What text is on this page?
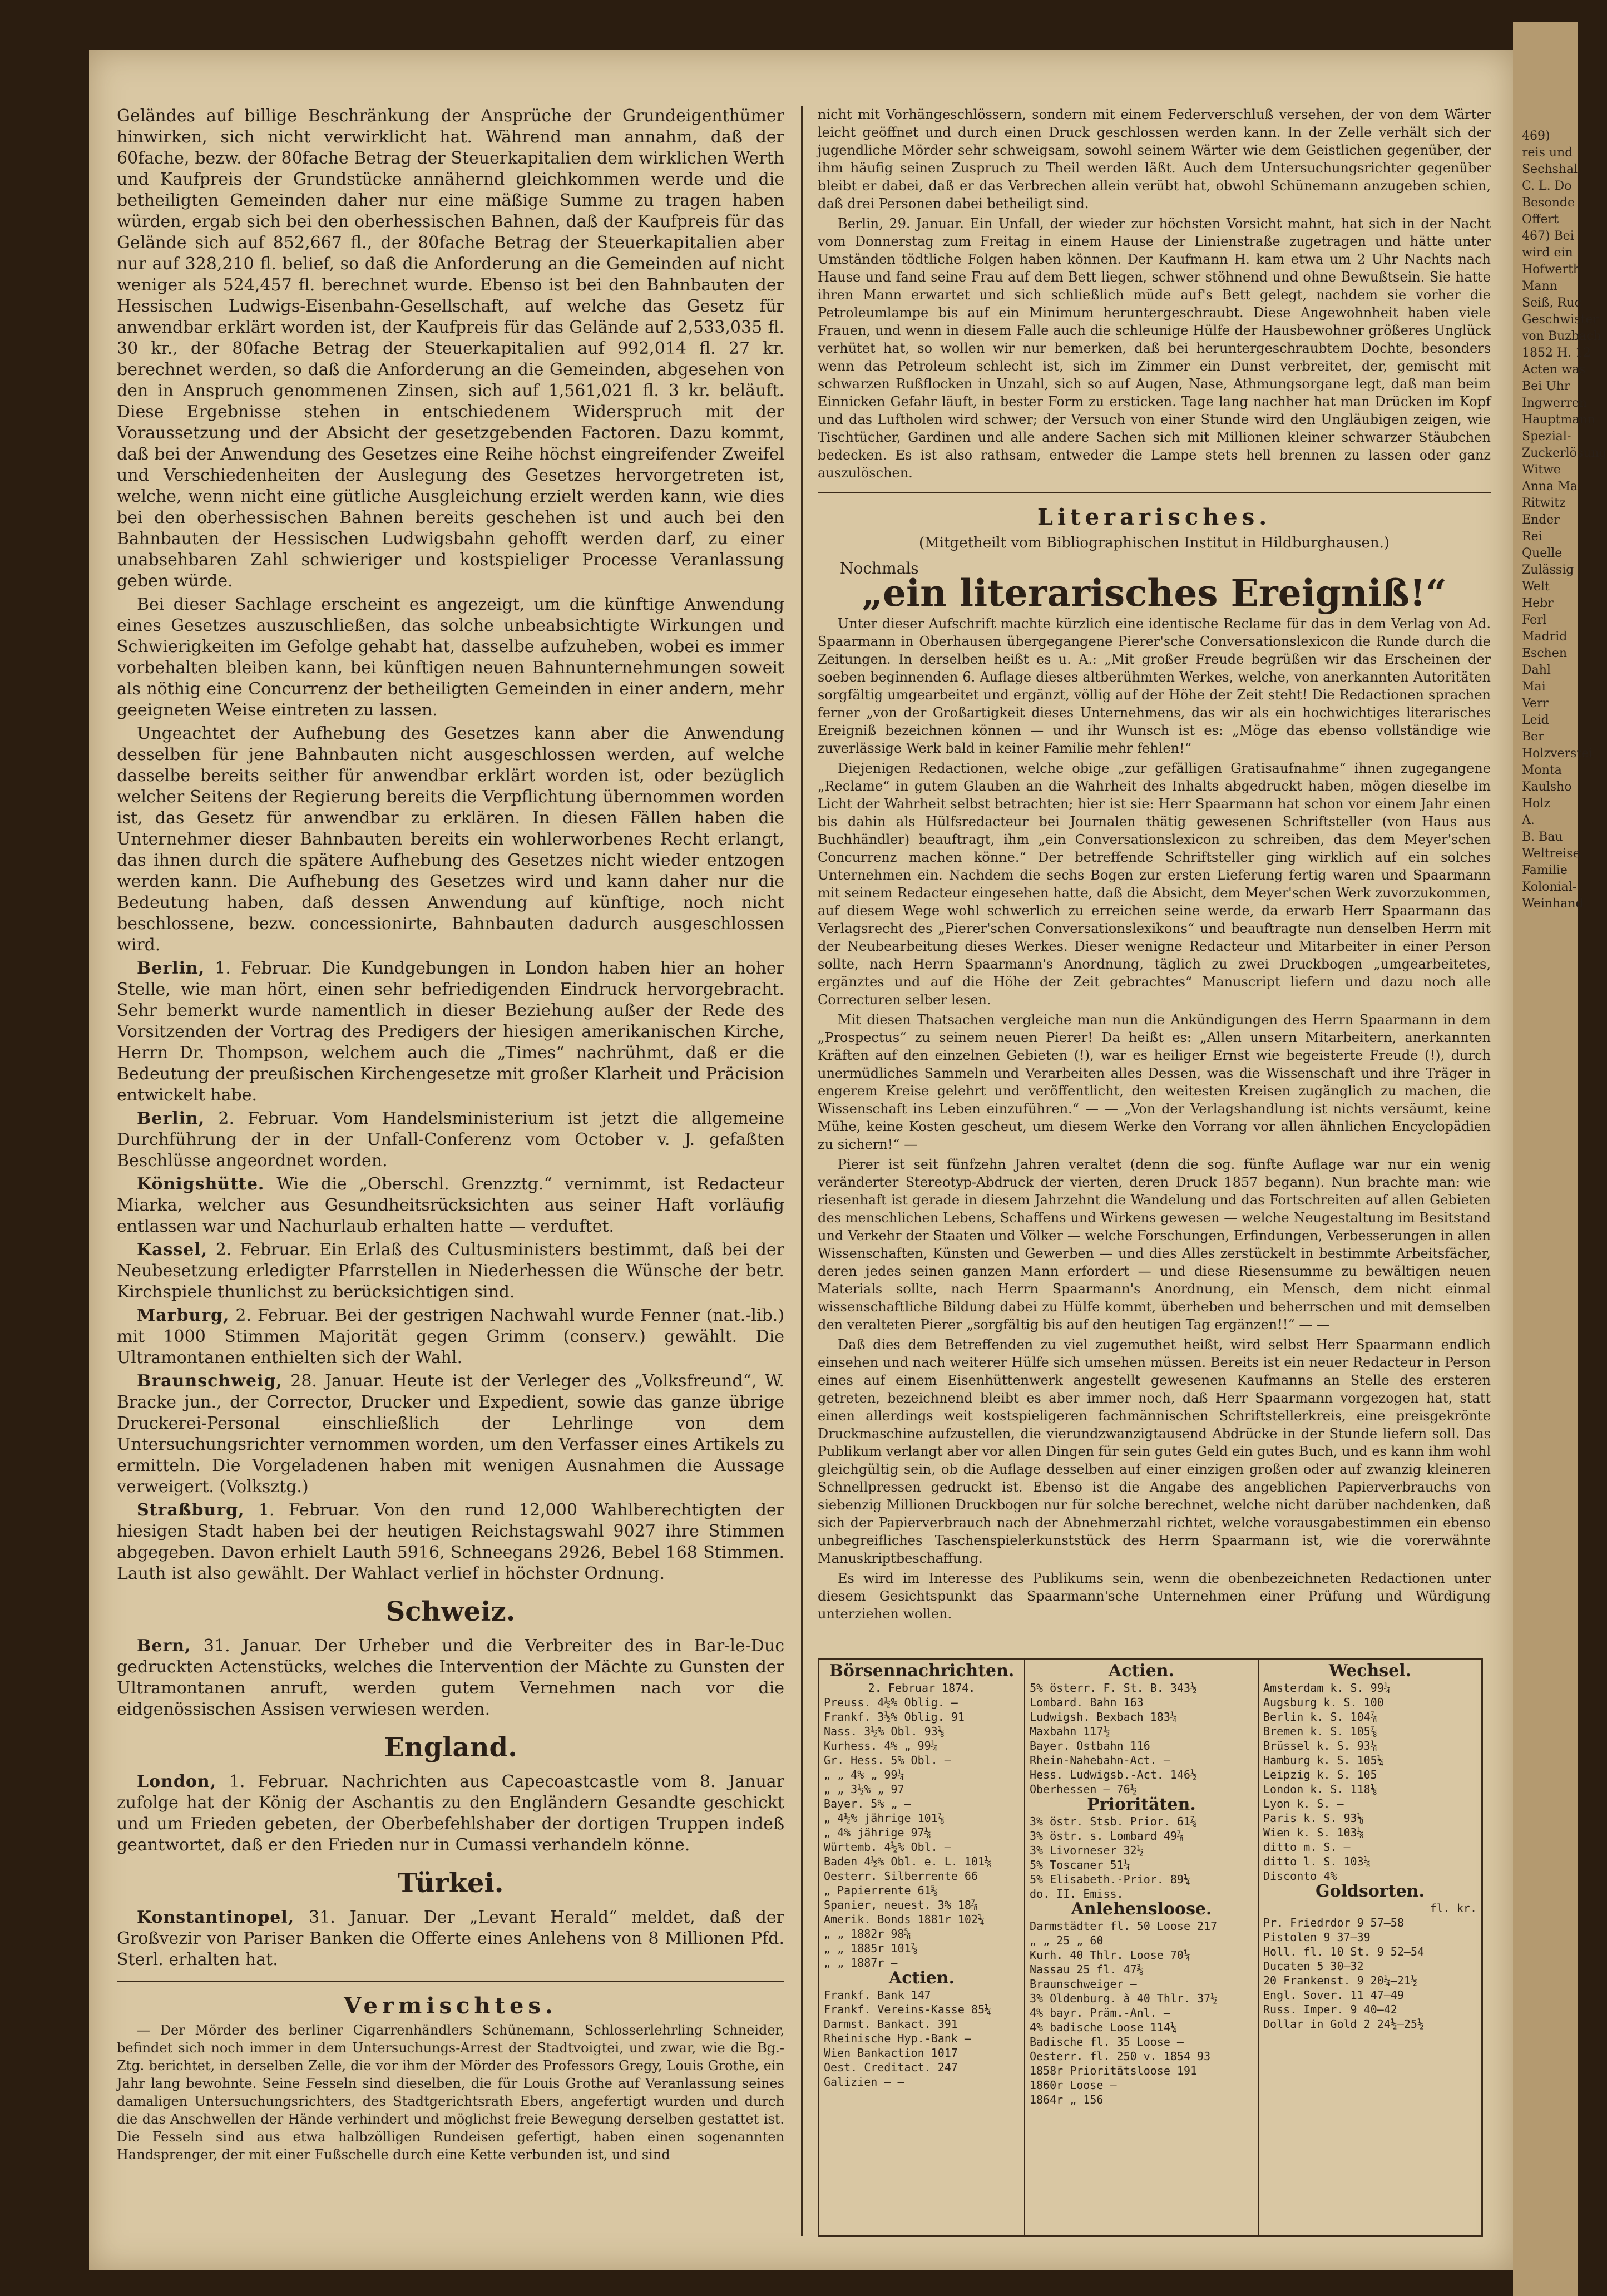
Geländes auf billige Beschränkung der Ansprüche der Grundeigenthümer hinwirken, sich nicht verwirklicht hat. Während man annahm, daß der 60fache, bezw. der 80fache Betrag der Steuerkapitalien dem wirklichen Werth und Kaufpreis der Grundstücke annähernd gleichkommen werde und die betheiligten Gemeinden daher nur eine mäßige Summe zu tragen haben würden, ergab sich bei den oberhessischen Bahnen, daß der Kaufpreis für das Gelände sich auf 852,667 fl., der 80fache Betrag der Steuerkapitalien aber nur auf 328,210 fl. belief, so daß die Anforderung an die Gemeinden auf nicht weniger als 524,457 fl. berechnet wurde. Ebenso ist bei den Bahnbauten der Hessischen Ludwigs-Eisenbahn-Gesellschaft, auf welche das Gesetz für anwendbar erklärt worden ist, der Kaufpreis für das Gelände auf 2,533,035 fl. 30 kr., der 80fache Betrag der Steuerkapitalien auf 992,014 fl. 27 kr. berechnet werden, so daß die Anforderung an die Gemeinden, abgesehen von den in Anspruch genommenen Zinsen, sich auf 1,561,021 fl. 3 kr. beläuft. Diese Ergebnisse stehen in entschiedenem Widerspruch mit der Voraussetzung und der Absicht der gesetzgebenden Factoren. Dazu kommt, daß bei der Anwendung des Gesetzes eine Reihe höchst eingreifender Zweifel und Verschiedenheiten der Auslegung des Gesetzes hervorgetreten ist, welche, wenn nicht eine gütliche Ausgleichung erzielt werden kann, wie dies bei den oberhessischen Bahnen bereits geschehen ist und auch bei den Bahnbauten der Hessischen Ludwigsbahn gehofft werden darf, zu einer unabsehbaren Zahl schwieriger und kostspieliger Processe Veranlassung geben würde.

Bei dieser Sachlage erscheint es angezeigt, um die künftige Anwendung eines Gesetzes auszuschließen, das solche unbeabsichtigte Wirkungen und Schwierigkeiten im Gefolge gehabt hat, dasselbe aufzuheben, wobei es immer vorbehalten bleiben kann, bei künftigen neuen Bahnunternehmungen soweit als nöthig eine Concurrenz der betheiligten Gemeinden in einer andern, mehr geeigneten Weise eintreten zu lassen.

Ungeachtet der Aufhebung des Gesetzes kann aber die Anwendung desselben für jene Bahnbauten nicht ausgeschlossen werden, auf welche dasselbe bereits seither für anwendbar erklärt worden ist, oder bezüglich welcher Seitens der Regierung bereits die Verpflichtung übernommen worden ist, das Gesetz für anwendbar zu erklären. In diesen Fällen haben die Unternehmer dieser Bahnbauten bereits ein wohlerworbenes Recht erlangt, das ihnen durch die spätere Aufhebung des Gesetzes nicht wieder entzogen werden kann. Die Aufhebung des Gesetzes wird und kann daher nur die Bedeutung haben, daß dessen Anwendung auf künftige, noch nicht beschlossene, bezw. concessionirte, Bahnbauten dadurch ausgeschlossen wird.

Berlin, 1. Februar. Die Kundgebungen in London haben hier an hoher Stelle, wie man hört, einen sehr befriedigenden Eindruck hervorgebracht. Sehr bemerkt wurde namentlich in dieser Beziehung außer der Rede des Vorsitzenden der Vortrag des Predigers der hiesigen amerikanischen Kirche, Herrn Dr. Thompson, welchem auch die „Times“ nachrühmt, daß er die Bedeutung der preußischen Kirchengesetze mit großer Klarheit und Präcision entwickelt habe.

Berlin, 2. Februar. Vom Handelsministerium ist jetzt die allgemeine Durchführung der in der Unfall-Conferenz vom October v. J. gefaßten Beschlüsse angeordnet worden.

Königshütte. Wie die „Oberschl. Grenzztg.“ vernimmt, ist Redacteur Miarka, welcher aus Gesundheitsrücksichten aus seiner Haft vorläufig entlassen war und Nachurlaub erhalten hatte — verduftet.

Kassel, 2. Februar. Ein Erlaß des Cultusministers bestimmt, daß bei der Neubesetzung erledigter Pfarrstellen in Niederhessen die Wünsche der betr. Kirchspiele thunlichst zu berücksichtigen sind.

Marburg, 2. Februar. Bei der gestrigen Nachwahl wurde Fenner (nat.-lib.) mit 1000 Stimmen Majorität gegen Grimm (conserv.) gewählt. Die Ultramontanen enthielten sich der Wahl.

Braunschweig, 28. Januar. Heute ist der Verleger des „Volksfreund“, W. Bracke jun., der Corrector, Drucker und Expedient, sowie das ganze übrige Druckerei-Personal einschließlich der Lehrlinge von dem Untersuchungsrichter vernommen worden, um den Verfasser eines Artikels zu ermitteln. Die Vorgeladenen haben mit wenigen Ausnahmen die Aussage verweigert. (Volksztg.)

Straßburg, 1. Februar. Von den rund 12,000 Wahlberechtigten der hiesigen Stadt haben bei der heutigen Reichstagswahl 9027 ihre Stimmen abgegeben. Davon erhielt Lauth 5916, Schneegans 2926, Bebel 168 Stimmen. Lauth ist also gewählt. Der Wahlact verlief in höchster Ordnung.

Schweiz.

Bern, 31. Januar. Der Urheber und die Verbreiter des in Bar-le-Duc gedruckten Actenstücks, welches die Intervention der Mächte zu Gunsten der Ultramontanen anruft, werden gutem Vernehmen nach vor die eidgenössischen Assisen verwiesen werden.

England.

London, 1. Februar. Nachrichten aus Capecoastcastle vom 8. Januar zufolge hat der König der Aschantis zu den Engländern Gesandte geschickt und um Frieden gebeten, der Oberbefehlshaber der dortigen Truppen indeß geantwortet, daß er den Frieden nur in Cumassi verhandeln könne.

Türkei.

Konstantinopel, 31. Januar. Der „Levant Herald“ meldet, daß der Großvezir von Pariser Banken die Offerte eines Anlehens von 8 Millionen Pfd. Sterl. erhalten hat.

Vermischtes.

— Der Mörder des berliner Cigarrenhändlers Schünemann, Schlosserlehrling Schneider, befindet sich noch immer in dem Untersuchungs-Arrest der Stadtvoigtei, und zwar, wie die Bg.-Ztg. berichtet, in derselben Zelle, die vor ihm der Mörder des Professors Gregy, Louis Grothe, ein Jahr lang bewohnte. Seine Fesseln sind dieselben, die für Louis Grothe auf Veranlassung seines damaligen Untersuchungsrichters, des Stadtgerichtsrath Ebers, angefertigt wurden und durch die das Anschwellen der Hände verhindert und möglichst freie Bewegung derselben gestattet ist. Die Fesseln sind aus etwa halbzölligen Rundeisen gefertigt, haben einen sogenannten Handsprenger, der mit einer Fußschelle durch eine Kette verbunden ist, und sind

nicht mit Vorhängeschlössern, sondern mit einem Federverschluß versehen, der von dem Wärter leicht geöffnet und durch einen Druck geschlossen werden kann. In der Zelle verhält sich der jugendliche Mörder sehr schweigsam, sowohl seinem Wärter wie dem Geistlichen gegenüber, der ihm häufig seinen Zuspruch zu Theil werden läßt. Auch dem Untersuchungsrichter gegenüber bleibt er dabei, daß er das Verbrechen allein verübt hat, obwohl Schünemann anzugeben schien, daß drei Personen dabei betheiligt sind.

Berlin, 29. Januar. Ein Unfall, der wieder zur höchsten Vorsicht mahnt, hat sich in der Nacht vom Donnerstag zum Freitag in einem Hause der Linienstraße zugetragen und hätte unter Umständen tödtliche Folgen haben können. Der Kaufmann H. kam etwa um 2 Uhr Nachts nach Hause und fand seine Frau auf dem Bett liegen, schwer stöhnend und ohne Bewußtsein. Sie hatte ihren Mann erwartet und sich schließlich müde auf's Bett gelegt, nachdem sie vorher die Petroleumlampe bis auf ein Minimum heruntergeschraubt. Diese Angewohnheit haben viele Frauen, und wenn in diesem Falle auch die schleunige Hülfe der Hausbewohner größeres Unglück verhütet hat, so wollen wir nur bemerken, daß bei heruntergeschraubtem Dochte, besonders wenn das Petroleum schlecht ist, sich im Zimmer ein Dunst verbreitet, der, gemischt mit schwarzen Rußflocken in Unzahl, sich so auf Augen, Nase, Athmungsorgane legt, daß man beim Einnicken Gefahr läuft, in bester Form zu ersticken. Tage lang nachher hat man Drücken im Kopf und das Luftholen wird schwer; der Versuch von einer Stunde wird den Ungläubigen zeigen, wie Tischtücher, Gardinen und alle andere Sachen sich mit Millionen kleiner schwarzer Stäubchen bedecken. Es ist also rathsam, entweder die Lampe stets hell brennen zu lassen oder ganz auszulöschen.

Literarisches.
(Mitgetheilt vom Bibliographischen Institut in Hildburghausen.)
Nochmals
„ein literarisches Ereigniß!“

Unter dieser Aufschrift machte kürzlich eine identische Reclame für das in dem Verlag von Ad. Spaarmann in Oberhausen übergegangene Pierer'sche Conversationslexicon die Runde durch die Zeitungen. In derselben heißt es u. A.: „Mit großer Freude begrüßen wir das Erscheinen der soeben beginnenden 6. Auflage dieses altberühmten Werkes, welche, von anerkannten Autoritäten sorgfältig umgearbeitet und ergänzt, völlig auf der Höhe der Zeit steht! Die Redactionen sprachen ferner „von der Großartigkeit dieses Unternehmens, das wir als ein hochwichtiges literarisches Ereigniß bezeichnen können — und ihr Wunsch ist es: „Möge das ebenso vollständige wie zuverlässige Werk bald in keiner Familie mehr fehlen!“

Diejenigen Redactionen, welche obige „zur gefälligen Gratisaufnahme“ ihnen zugegangene „Reclame“ in gutem Glauben an die Wahrheit des Inhalts abgedruckt haben, mögen dieselbe im Licht der Wahrheit selbst betrachten; hier ist sie: Herr Spaarmann hat schon vor einem Jahr einen bis dahin als Hülfsredacteur bei Journalen thätig gewesenen Schriftsteller (von Haus aus Buchhändler) beauftragt, ihm „ein Conversationslexicon zu schreiben, das dem Meyer'schen Concurrenz machen könne.“ Der betreffende Schriftsteller ging wirklich auf ein solches Unternehmen ein. Nachdem die sechs Bogen zur ersten Lieferung fertig waren und Spaarmann mit seinem Redacteur eingesehen hatte, daß die Absicht, dem Meyer'schen Werk zuvorzukommen, auf diesem Wege wohl schwerlich zu erreichen seine werde, da erwarb Herr Spaarmann das Verlagsrecht des „Pierer'schen Conversationslexikons“ und beauftragte nun denselben Herrn mit der Neubearbeitung dieses Werkes. Dieser wenigne Redacteur und Mitarbeiter in einer Person sollte, nach Herrn Spaarmann's Anordnung, täglich zu zwei Druckbogen „umgearbeitetes, ergänztes und auf die Höhe der Zeit gebrachtes“ Manuscript liefern und dazu noch alle Correcturen selber lesen.

Mit diesen Thatsachen vergleiche man nun die Ankündigungen des Herrn Spaarmann in dem „Prospectus“ zu seinem neuen Pierer! Da heißt es: „Allen unsern Mitarbeitern, anerkannten Kräften auf den einzelnen Gebieten (!), war es heiliger Ernst wie begeisterte Freude (!), durch unermüdliches Sammeln und Verarbeiten alles Dessen, was die Wissenschaft und ihre Träger in engerem Kreise gelehrt und veröffentlicht, den weitesten Kreisen zugänglich zu machen, die Wissenschaft ins Leben einzuführen.“ — — „Von der Verlagshandlung ist nichts versäumt, keine Mühe, keine Kosten gescheut, um diesem Werke den Vorrang vor allen ähnlichen Encyclopädien zu sichern!“ —

Pierer ist seit fünfzehn Jahren veraltet (denn die sog. fünfte Auflage war nur ein wenig veränderter Stereotyp-Abdruck der vierten, deren Druck 1857 begann). Nun brachte man: wie riesenhaft ist gerade in diesem Jahrzehnt die Wandelung und das Fortschreiten auf allen Gebieten des menschlichen Lebens, Schaffens und Wirkens gewesen — welche Neugestaltung im Besitstand und Verkehr der Staaten und Völker — welche Forschungen, Erfindungen, Verbesserungen in allen Wissenschaften, Künsten und Gewerben — und dies Alles zerstückelt in bestimmte Arbeitsfächer, deren jedes seinen ganzen Mann erfordert — und diese Riesensumme zu bewältigen neuen Materials sollte, nach Herrn Spaarmann's Anordnung, ein Mensch, dem nicht einmal wissenschaftliche Bildung dabei zu Hülfe kommt, überheben und beherrschen und mit demselben den veralteten Pierer „sorgfältig bis auf den heutigen Tag ergänzen!!“ — —

Daß dies dem Betreffenden zu viel zugemuthet heißt, wird selbst Herr Spaarmann endlich einsehen und nach weiterer Hülfe sich umsehen müssen. Bereits ist ein neuer Redacteur in Person eines auf einem Eisenhüttenwerk angestellt gewesenen Kaufmanns an Stelle des ersteren getreten, bezeichnend bleibt es aber immer noch, daß Herr Spaarmann vorgezogen hat, statt einen allerdings weit kostspieligeren fachmännischen Schriftstellerkreis, eine preisgekrönte Druckmaschine aufzustellen, die vierundzwanzigtausend Abdrücke in der Stunde liefern soll. Das Publikum verlangt aber vor allen Dingen für sein gutes Geld ein gutes Buch, und es kann ihm wohl gleichgültig sein, ob die Auflage desselben auf einer einzigen großen oder auf zwanzig kleineren Schnellpressen gedruckt ist. Ebenso ist die Angabe des angeblichen Papierverbrauchs von siebenzig Millionen Druckbogen nur für solche berechnet, welche nicht darüber nachdenken, daß sich der Papierverbrauch nach der Abnehmerzahl richtet, welche vorausgabestimmen ein ebenso unbegreifliches Taschenspielerkunststück des Herrn Spaarmann ist, wie die vorerwähnte Manuskriptbeschaffung.

Es wird im Interesse des Publikums sein, wenn die obenbezeichneten Redactionen unter diesem Gesichtspunkt das Spaarmann'sche Unternehmen einer Prüfung und Würdigung unterziehen wollen.

Börsennachrichten.
2. Februar 1874.
Preuss. 4½% Oblig. —
Frankf. 3½% Oblig. 91
Nass. 3½% Obl. 93⅛
Kurhess. 4% „ 99¼
Gr. Hess. 5% Obl. —
„ „ 4% „ 99¼
„ „ 3½% „ 97
Bayer. 5% „ —
„ 4½% jährige 101⅞
„ 4% jährige 97⅛
Würtemb. 4½% Obl. —
Baden 4½% Obl. e. L. 101⅛
Oesterr. Silberrente 66
„ Papierrente 61⅝
Spanier, neuest. 3% 18⅞
Amerik. Bonds 1881r 102¼
„ „ 1882r 98⅝
„ „ 1885r 101⅞
„ „ 1887r —
Actien.
Frankf. Bank 147
Frankf. Vereins-Kasse 85¼
Darmst. Bankact. 391
Rheinische Hyp.-Bank —
Wien Bankaction 1017
Oest. Creditact. 247
Galizien — —
Actien.
5% österr. F. St. B. 343½
Lombard. Bahn 163
Ludwigsh. Bexbach 183¼
Maxbahn 117½
Bayer. Ostbahn 116
Rhein-Nahebahn-Act. —
Hess. Ludwigsb.-Act. 146½
Oberhessen — 76½
Prioritäten.
3% östr. Stsb. Prior. 61⅞
3% östr. s. Lombard 49⅞
3% Livorneser 32½
5% Toscaner 51¼
5% Elisabeth.-Prior. 89¼
do. II. Emiss.
Anlehensloose.
Darmstädter fl. 50 Loose 217
„ „ 25 „ 60
Kurh. 40 Thlr. Loose 70¼
Nassau 25 fl. 47⅜
Braunschweiger —
3% Oldenburg. à 40 Thlr. 37½
4% bayr. Präm.-Anl. —
4% badische Loose 114¼
Badische fl. 35 Loose —
Oesterr. fl. 250 v. 1854 93
1858r Prioritätsloose 191
1860r Loose —
1864r „ 156
Wechsel.
Amsterdam k. S. 99¼
Augsburg k. S. 100
Berlin k. S. 104⅞
Bremen k. S. 105⅞
Brüssel k. S. 93⅛
Hamburg k. S. 105¼
Leipzig k. S. 105
London k. S. 118⅛
Lyon k. S. —
Paris k. S. 93⅛
Wien k. S. 103⅛
ditto m. S. —
ditto l. S. 103⅛
Disconto 4%
Goldsorten.
fl. kr.
Pr. Friedrdor 9 57—58
Pistolen 9 37—39
Holl. fl. 10 St. 9 52—54
Ducaten 5 30—32
20 Frankenst. 9 20¼—21½
Engl. Sover. 11 47—49
Russ. Imper. 9 40—42
Dollar in Gold 2 24½—25½
469)
reis und
Sechshal.
C. L. Do
Besonde
Offert
467) Bei
wird ein
Hofwerth
Mann
Seiß, Ruc
Geschwister
von Buzbach
1852 H. 12
Acten was
Bei Uhr
Ingwerren
Hauptmann
Spezial-
Zuckerlösung
Witwe
Anna Ma
Ritwitz
Ender
Rei
Quelle
Zulässig
Welt
Hebr
Ferl
Madrid
Eschen
Dahl
Mai
Verr
Leid
Ber
Holzverstei
Monta
Kaulsho
Holz
A.
B. Bau
Weltreise
Familie
Kolonial-
Weinhand
